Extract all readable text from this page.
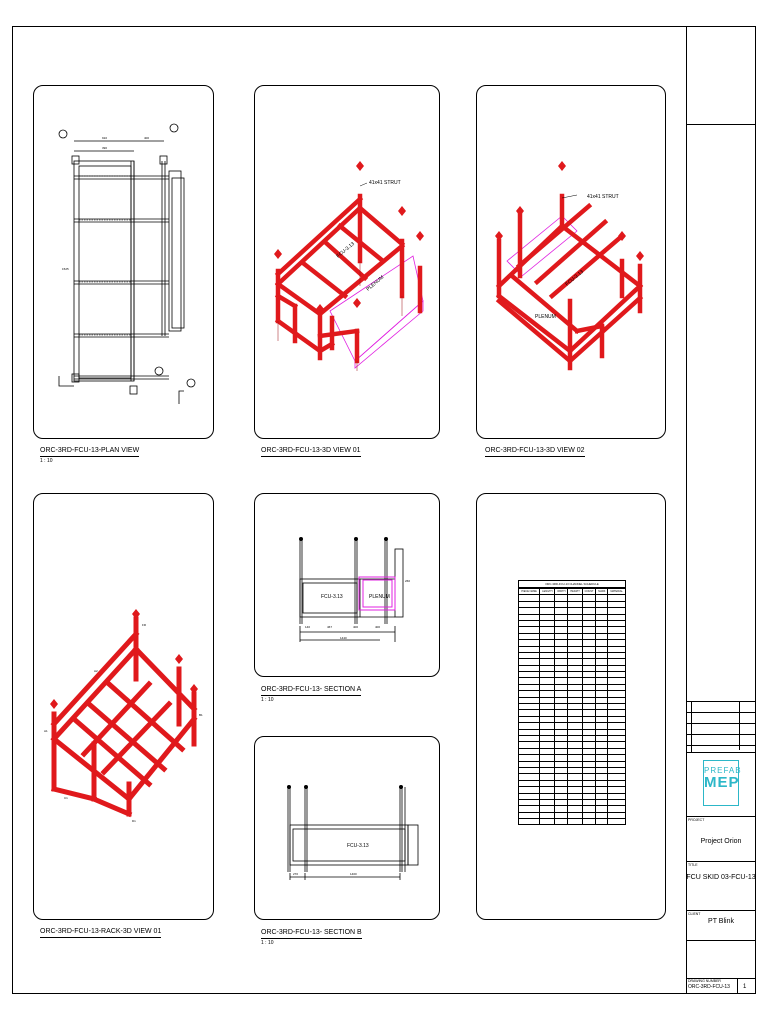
910	400
390
1525
ORC-3RD-FCU-13-PLAN VIEW
1 : 10
41x41 STRUT
FCU-3.13
PLENUM
ORC-3RD-FCU-13-3D VIEW 01
41x41 STRUT
FCU-3.13
PLENUM
ORC-3RD-FCU-13-3D VIEW 02
FR
A1
B1
C1
D1
A2
ORC-3RD-FCU-13-RACK-3D VIEW 01
FCU-3.13	PLENUM
140	467	400	400
1440
260
ORC-3RD-FCU-13- SECTION A
1 : 10
FCU-3.13
270	1400
ORC-3RD-FCU-13- SECTION B
1 : 10
ORC-3RD-FCU-13 CHANNEL SCHEDULE
PIECE NAME	LENGTH	WIDTH	HEIGHT	COUNT	MARK	MATERIAL

PREFAB
MEP
PROJECT
Project Orion
TITLE
FCU SKID 03-FCU-13
CLIENT
PT Blink
DRAWING NUMBER
ORC-3RD-FCU-13 1
